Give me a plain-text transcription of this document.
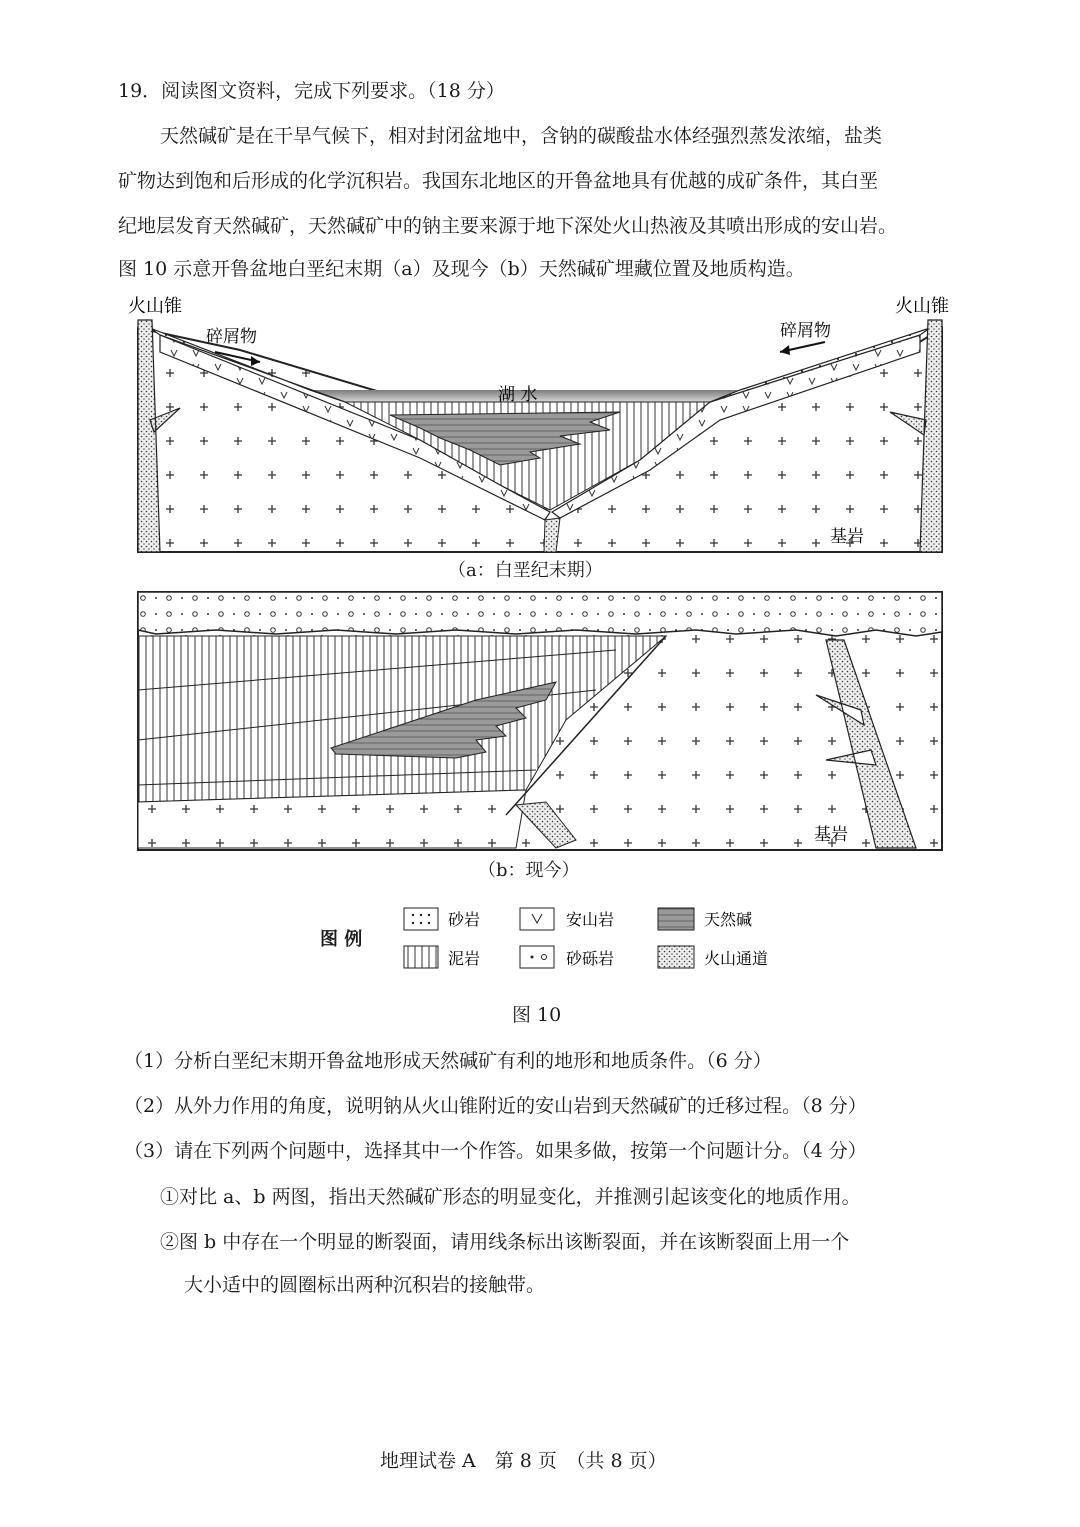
19．阅读图文资料，完成下列要求。（18 分）
天然碱矿是在干旱气候下，相对封闭盆地中，含钠的碳酸盐水体经强烈蒸发浓缩，盐类
矿物达到饱和后形成的化学沉积岩。我国东北地区的开鲁盆地具有优越的成矿条件，其白垩
纪地层发育天然碱矿，天然碱矿中的钠主要来源于地下深处火山热液及其喷出形成的安山岩。
图 10 示意开鲁盆地白垩纪末期（a）及现今（b）天然碱矿埋藏位置及地质构造。
火山锥	火山锥
碎屑物	碎屑物
湖 水
基岩
（a：白垩纪末期）
基岩
（b：现今）
图 例
砂岩	安山岩	天然碱
泥岩	砂砾岩	火山通道
图 10
（1）分析白垩纪末期开鲁盆地形成天然碱矿有利的地形和地质条件。（6 分）
（2）从外力作用的角度，说明钠从火山锥附近的安山岩到天然碱矿的迁移过程。（8 分）
（3）请在下列两个问题中，选择其中一个作答。如果多做，按第一个问题计分。（4 分）
①对比 a、b 两图，指出天然碱矿形态的明显变化，并推测引起该变化的地质作用。
②图 b 中存在一个明显的断裂面，请用线条标出该断裂面，并在该断裂面上用一个
大小适中的圆圈标出两种沉积岩的接触带。
地理试卷 A　第 8 页　（共 8 页）
